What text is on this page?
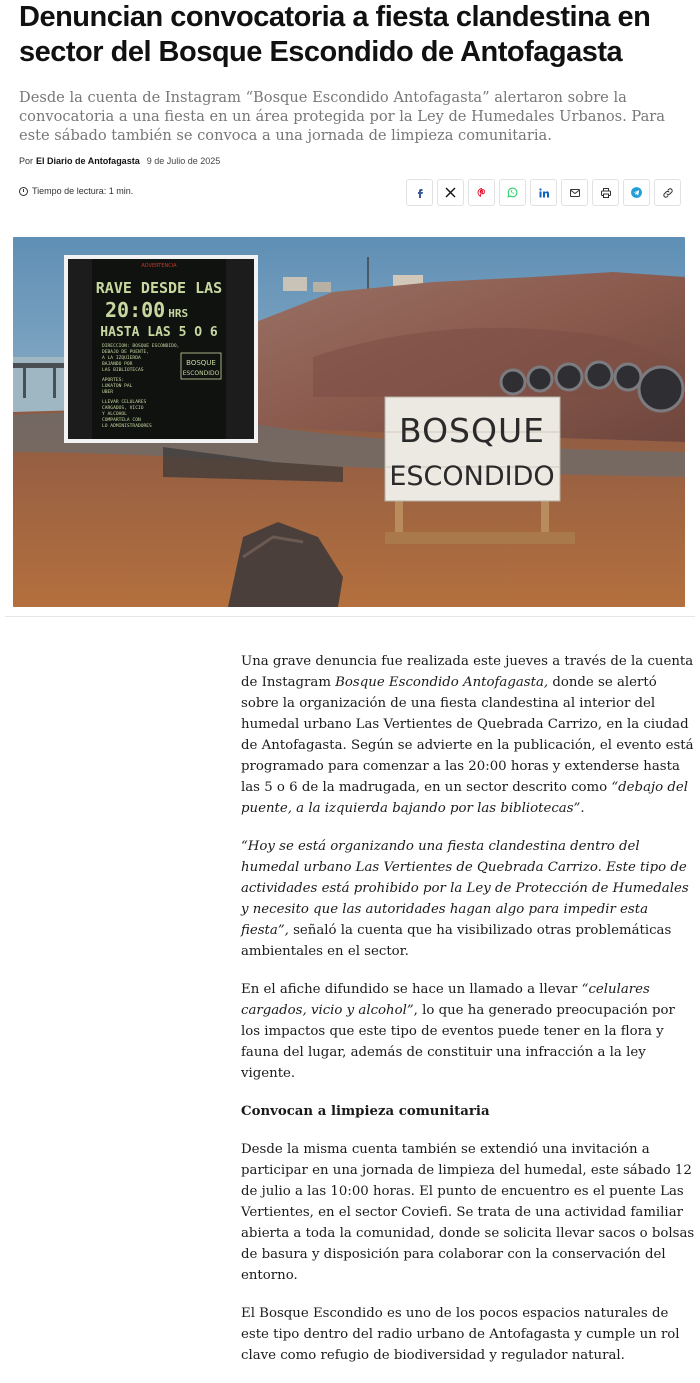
Denuncian convocatoria a fiesta clandestina en sector del Bosque Escondido de Antofagasta

Desde la cuenta de Instagram “Bosque Escondido Antofagasta” alertaron sobre la convocatoria a una fiesta en un área protegida por la Ley de Humedales Urbanos. Para este sábado también se convoca a una jornada de limpieza comunitaria.

Por El Diario de Antofagasta 9 de Julio de 2025
Tiempo de lectura: 1 min.
BOSQUE
ESCONDIDO
ADVERTENCIA
RAVE DESDE LAS
20:00 HRS
HASTA LAS 5 O 6
DIRECCION: BOSQUE ESCONDIDO,
DEBAJO DE PUENTE,
A LA IZQUIERDA
BAJANDO POR
LAS BIBLIOTECAS
APORTES:
LUKATON PAL
UBER
LLEVAR CELULARES
CARGADOS, VICIO
Y ALCOHOL
COMPARTELA CON
LO ADMINISTRADORES
BOSQUE
ESCONDIDO

Una grave denuncia fue realizada este jueves a través de la cuenta de Instagram Bosque Escondido Antofagasta, donde se alertó sobre la organización de una fiesta clandestina al interior del humedal urbano Las Vertientes de Quebrada Carrizo, en la ciudad de Antofagasta. Según se advierte en la publicación, el evento está programado para comenzar a las 20:00 horas y extenderse hasta las 5 o 6 de la madrugada, en un sector descrito como “debajo del puente, a la izquierda bajando por las bibliotecas”.

“Hoy se está organizando una fiesta clandestina dentro del humedal urbano Las Vertientes de Quebrada Carrizo. Este tipo de actividades está prohibido por la Ley de Protección de Humedales y necesito que las autoridades hagan algo para impedir esta fiesta”, señaló la cuenta que ha visibilizado otras problemáticas ambientales en el sector.

En el afiche difundido se hace un llamado a llevar “celulares cargados, vicio y alcohol”, lo que ha generado preocupación por los impactos que este tipo de eventos puede tener en la flora y fauna del lugar, además de constituir una infracción a la ley vigente.

Convocan a limpieza comunitaria

Desde la misma cuenta también se extendió una invitación a participar en una jornada de limpieza del humedal, este sábado 12 de julio a las 10:00 horas. El punto de encuentro es el puente Las Vertientes, en el sector Coviefi. Se trata de una actividad familiar abierta a toda la comunidad, donde se solicita llevar sacos o bolsas de basura y disposición para colaborar con la conservación del entorno.

El Bosque Escondido es uno de los pocos espacios naturales de este tipo dentro del radio urbano de Antofagasta y cumple un rol clave como refugio de biodiversidad y regulador natural.
